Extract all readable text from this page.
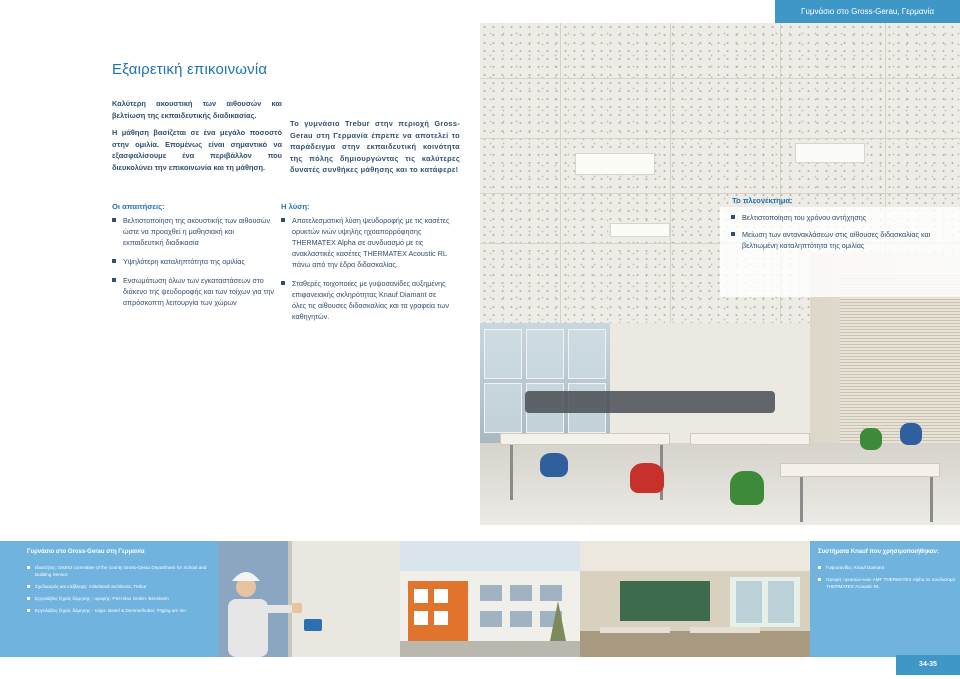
Γυμνάσιο στο Gross-Gerau, Γερμανία
Εξαιρετική επικοινωνία

Καλύτερη ακουστική των αιθουσών και βελτίωση της εκπαιδευτικής διαδικασίας.

Η μάθηση βασίζεται σε ένα μεγάλο ποσοστό στην ομιλία. Επομένως είναι σημαντικό να εξασφαλίσουμε ένα περιβάλλον που διευκολύνει την επικοινωνία και τη μάθηση.

Το γυμνάσιο Trebur στην περιοχή Gross-Gerau στη Γερμανία έπρεπε να αποτελεί το παράδειγμα στην εκπαιδευτική κοινότητα της πόλης δημιουργώντας τις καλύτερες δυνατές συνθήκες μάθησης και το κατάφερε!
Οι απαιτήσεις:
Βελτιστοποίηση της ακουστικής των αιθουσών ώστε να προαχθεί η μαθησιακή και εκπαιδευτική διαδικασία
Υψηλότερη καταληπτότητα της ομιλίας
Ενσωμάτωση όλων των εγκαταστάσεων στο διάκενο της ψευδοροφής και των τοίχων για την απρόσκοπτη λειτουργία των χώρων
Η λύση:
Αποτελεσματική λύση ψευδοροφής με τις κασέτες ορυκτών ινών υψηλής ηχοαπορρόφησης THERMATEX Alpha σε συνδυασμό με τις ανακλαστικές κασέτες THERMATEX Acoustic RL πάνω από την έδρα διδασκαλίας.
Σταθερές τοιχοποιίες με γυψοσανίδες αυξημένης επιφανειακής σκληρότητας Knauf Diamant σε όλες τις αίθουσες διδασκαλίας και τα γραφεία των καθηγητών.
Το πλεονέκτημα:
Βελτιστοποίηση του χρόνου αντήχησης
Μείωση των αντανακλάσεων στις αίθουσες διδασκαλίας και βελτιωμένη καταληπτότητα της ομιλίας
Γυμνάσιο στο Gross-Gerau στη Γερμανία
Ιδιοκτήτης: District committee of the county Gross-Gerau Department for School and Building Service
Σχεδιασμός και επίβλεψη: mittelstadt architects, Trebur
Εργολάβος ξηράς δόμησης - οροφής: PSH Bau GmbH, Bensheim
Εργολάβος ξηράς δόμησης - τοίχοι: Baierl & Demmelhuber, Töging am Inn
Συστήματα Knauf που χρησιμοποιήθηκαν:
Γυψοσανίδες Knauf Diamant
Οροφές ορυκτών ινών AMF THERMATEX Alpha σε συνδυασμό THERMATEX Acoustic RL
34-35
